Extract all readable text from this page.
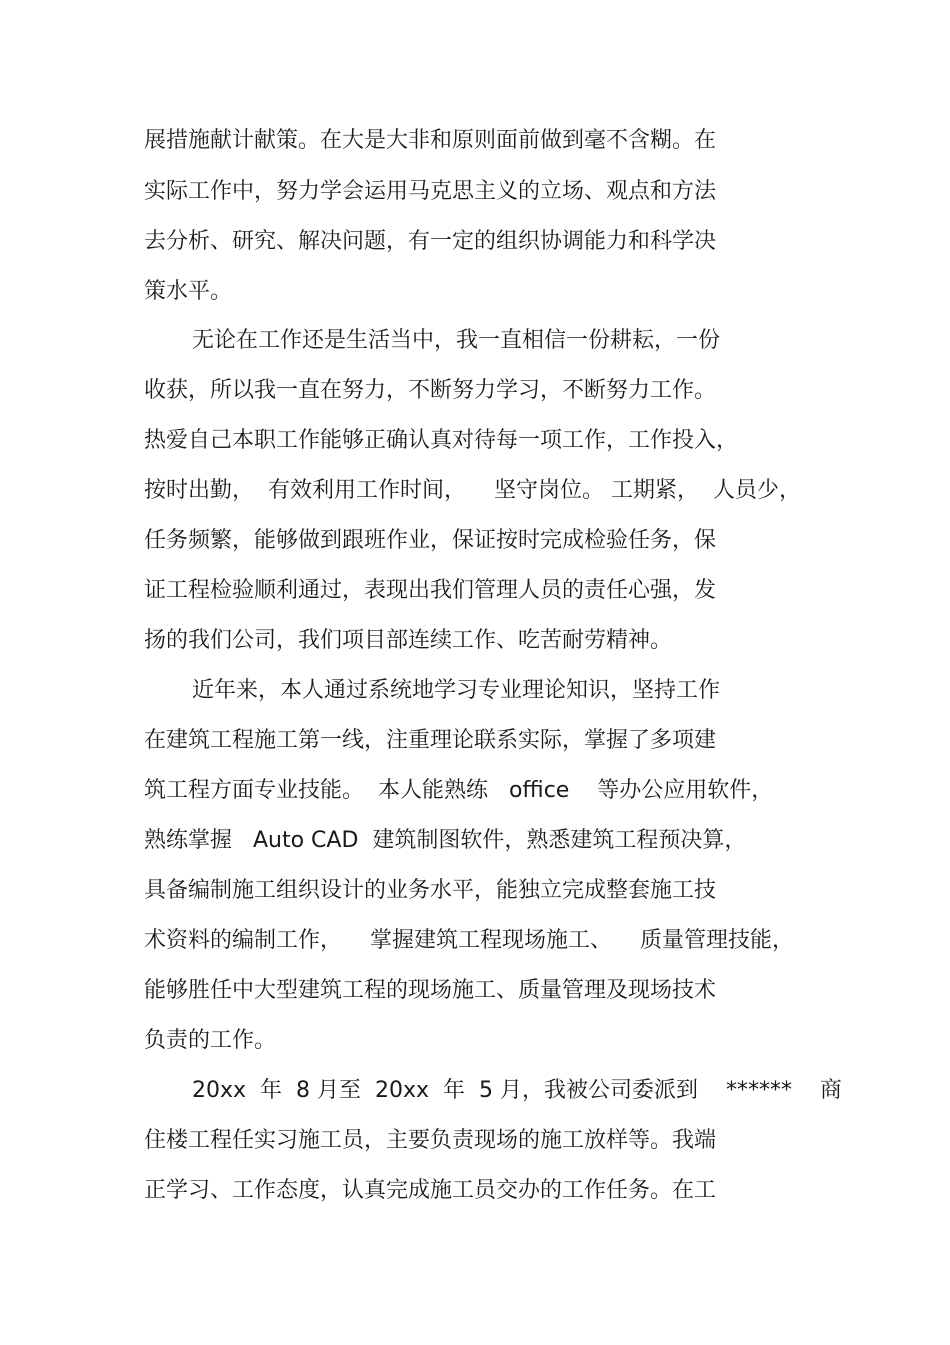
展措施献计献策。在大是大非和原则面前做到毫不含糊。在
实际工作中，努力学会运用马克思主义的立场、观点和方法
去分析、研究、解决问题，有一定的组织协调能力和科学决
策水平。
无论在工作还是生活当中，我一直相信一份耕耘，一份
收获，所以我一直在努力，不断努力学习，不断努力工作。
热爱自己本职工作能够正确认真对待每一项工作，工作投入，
按时出勤，  有效利用工作时间，    坚守岗位。 工期紧，  人员少，
任务频繁，能够做到跟班作业，保证按时完成检验任务，保
证工程检验顺利通过，表现出我们管理人员的责任心强，发
扬的我们公司，我们项目部连续工作、吃苦耐劳精神。
近年来，本人通过系统地学习专业理论知识，坚持工作
在建筑工程施工第一线，注重理论联系实际，掌握了多项建
筑工程方面专业技能。  本人能熟练   office    等办公应用软件，
熟练掌握   Auto CAD  建筑制图软件，熟悉建筑工程预决算，
具备编制施工组织设计的业务水平，能独立完成整套施工技
术资料的编制工作，    掌握建筑工程现场施工、    质量管理技能，
能够胜任中大型建筑工程的现场施工、质量管理及现场技术
负责的工作。
20xx  年  8 月至  20xx  年  5 月，我被公司委派到    ******    商
住楼工程任实习施工员，主要负责现场的施工放样等。我端
正学习、工作态度，认真完成施工员交办的工作任务。在工
